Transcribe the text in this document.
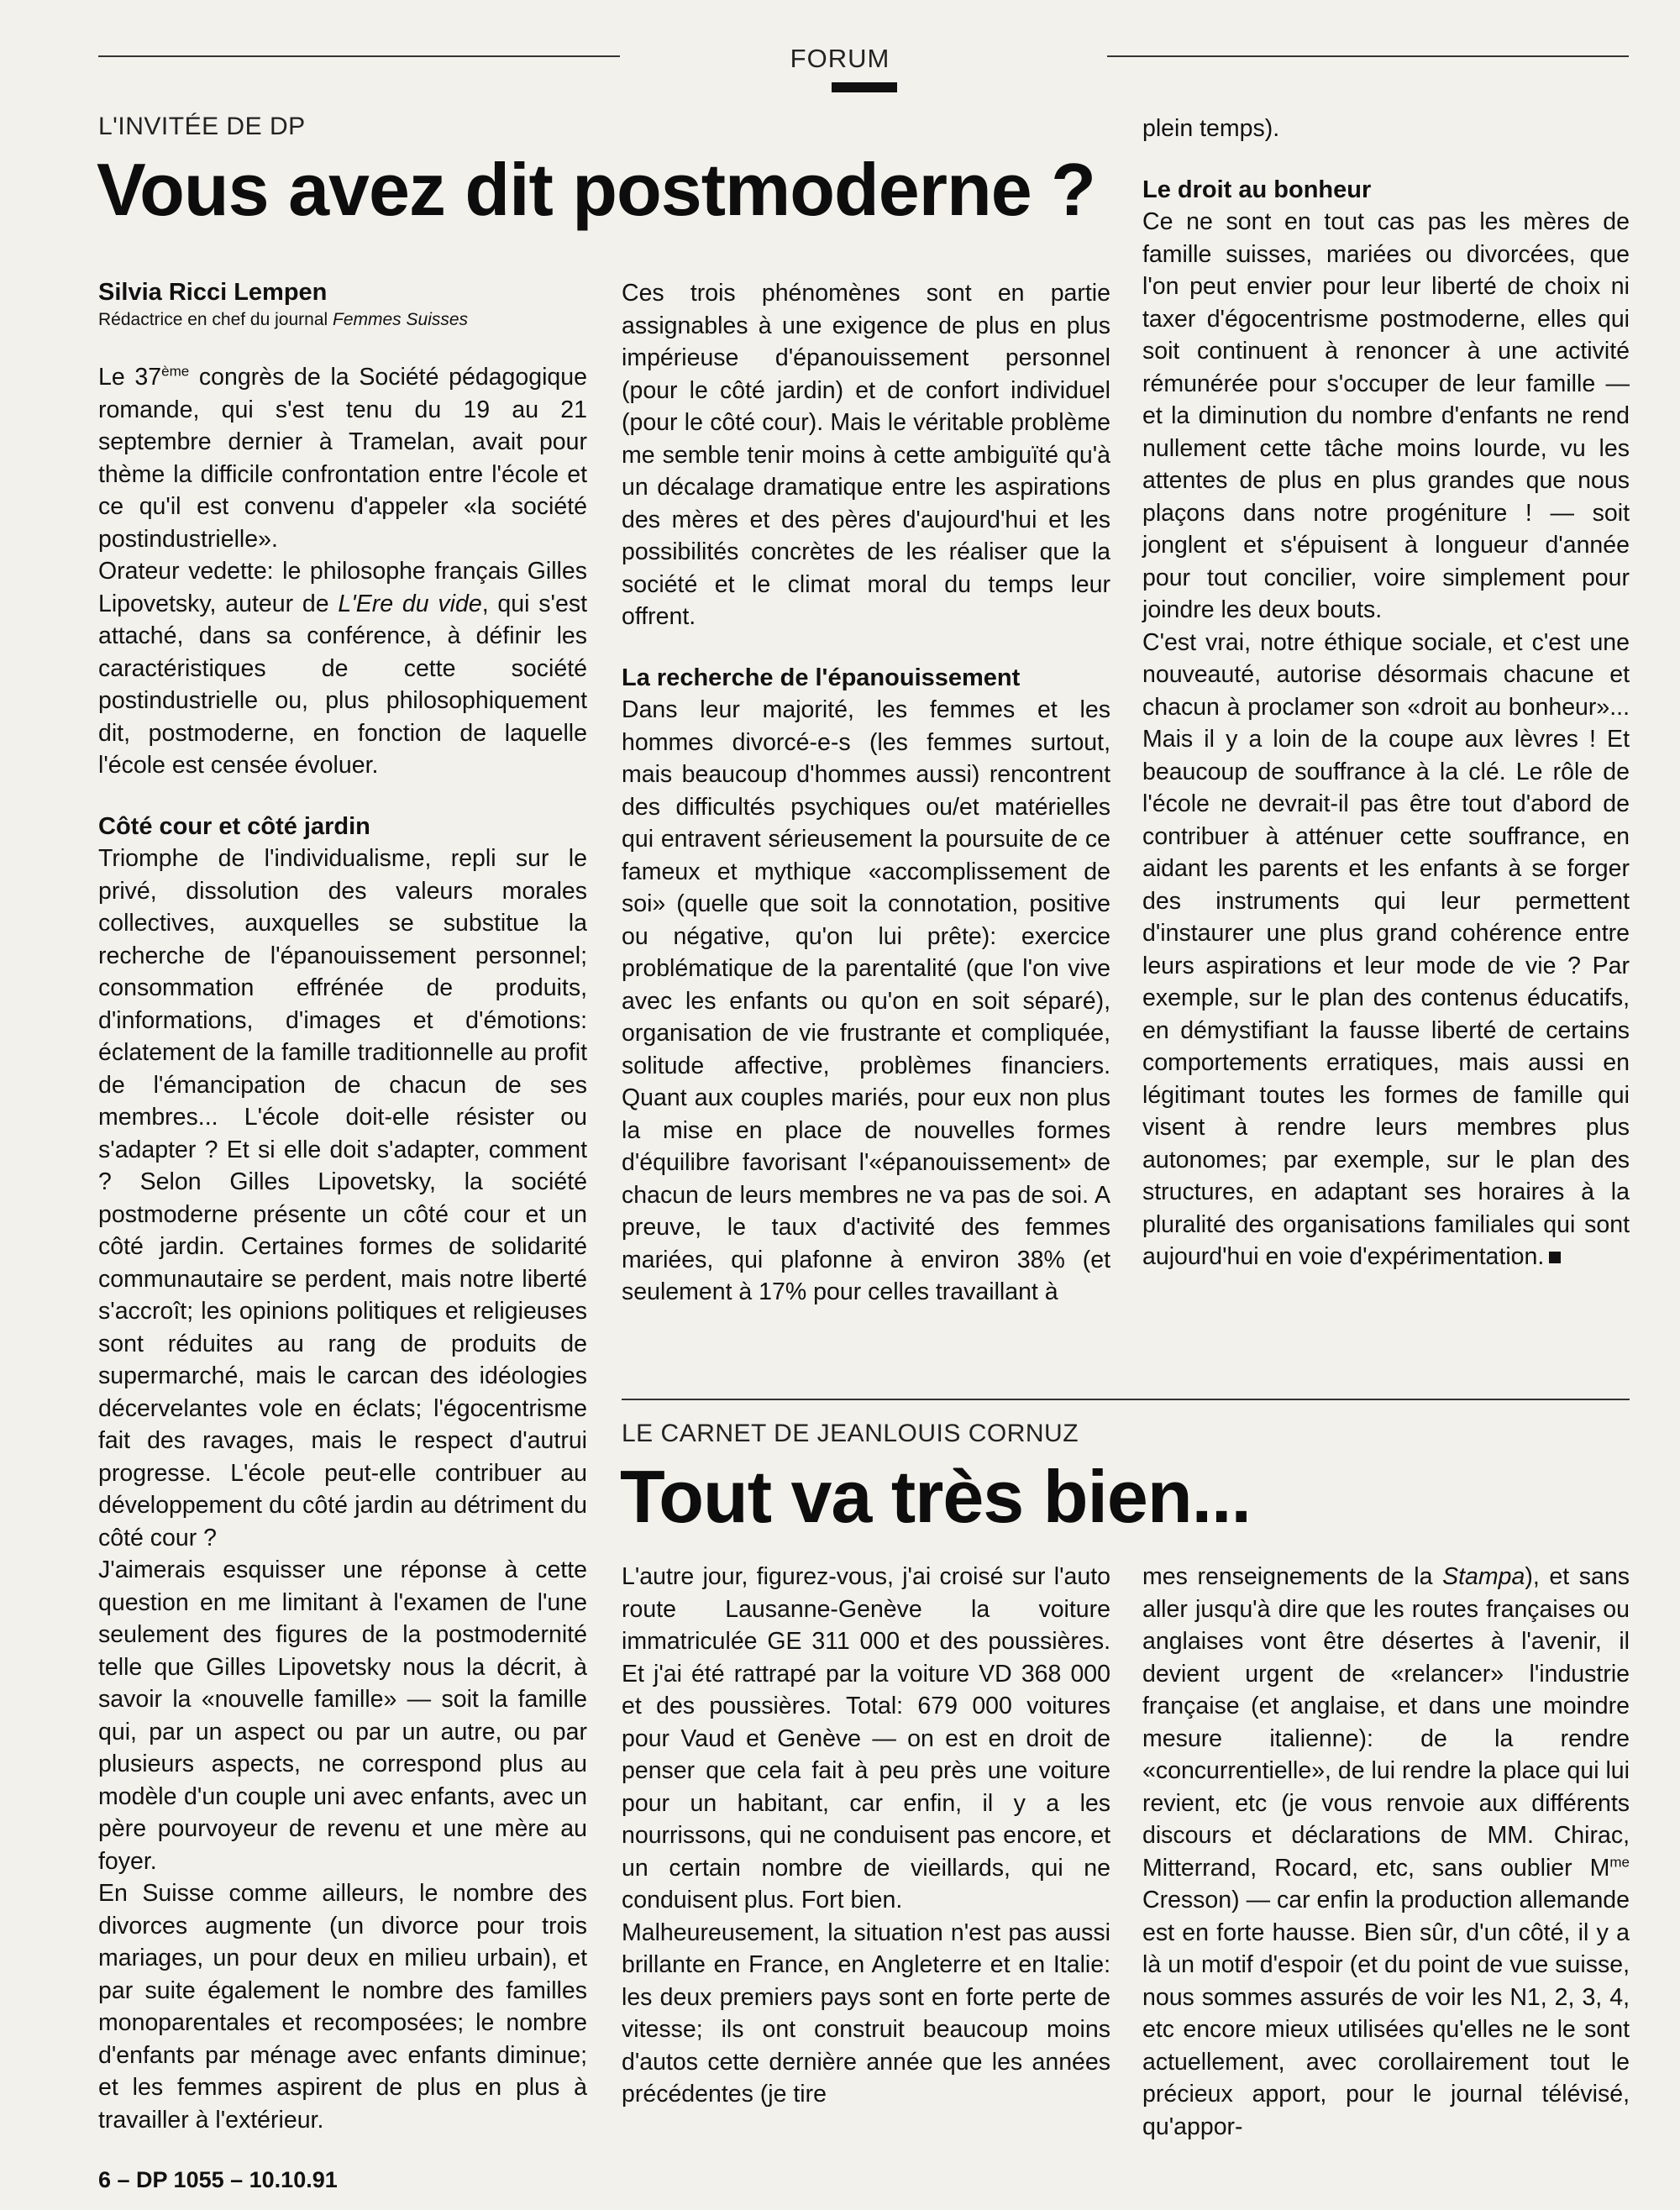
FORUM
L'INVITÉE DE DP
Vous avez dit postmoderne ?
Silvia Ricci Lempen
Rédactrice en chef du journal Femmes Suisses

Le 37ème congrès de la Société pédagogique romande, qui s'est tenu du 19 au 21 septembre dernier à Tramelan, avait pour thème la difficile confrontation entre l'école et ce qu'il est convenu d'appeler «la société postindustrielle».

Orateur vedette: le philosophe français Gilles Lipovetsky, auteur de L'Ere du vide, qui s'est attaché, dans sa conférence, à définir les caractéristiques de cette société postindustrielle ou, plus philosophiquement dit, postmoderne, en fonction de laquelle l'école est censée évoluer.

Côté cour et côté jardin

Triomphe de l'individualisme, repli sur le privé, dissolution des valeurs morales collectives, auxquelles se substitue la recherche de l'épanouissement personnel; consommation effrénée de produits, d'informations, d'images et d'émotions: éclatement de la famille traditionnelle au profit de l'émancipation de chacun de ses membres... L'école doit-elle résister ou s'adapter ? Et si elle doit s'adapter, comment ? Selon Gilles Lipovetsky, la société postmoderne présente un côté cour et un côté jardin. Certaines formes de solidarité communautaire se perdent, mais notre liberté s'accroît; les opinions politiques et religieuses sont réduites au rang de produits de supermarché, mais le carcan des idéologies décervelantes vole en éclats; l'égocentrisme fait des ravages, mais le respect d'autrui progresse. L'école peut-elle contribuer au développement du côté jardin au détriment du côté cour ?

J'aimerais esquisser une réponse à cette question en me limitant à l'examen de l'une seulement des figures de la postmodernité telle que Gilles Lipovetsky nous la décrit, à savoir la «nouvelle famille» — soit la famille qui, par un aspect ou par un autre, ou par plusieurs aspects, ne correspond plus au modèle d'un couple uni avec enfants, avec un père pourvoyeur de revenu et une mère au foyer.

En Suisse comme ailleurs, le nombre des divorces augmente (un divorce pour trois mariages, un pour deux en milieu urbain), et par suite également le nombre des familles monoparentales et recomposées; le nombre d'enfants par ménage avec enfants diminue; et les femmes aspirent de plus en plus à travailler à l'extérieur.

Ces trois phénomènes sont en partie assignables à une exigence de plus en plus impérieuse d'épanouissement personnel (pour le côté jardin) et de confort individuel (pour le côté cour). Mais le véritable problème me semble tenir moins à cette ambiguïté qu'à un décalage dramatique entre les aspirations des mères et des pères d'aujourd'hui et les possibilités concrètes de les réaliser que la société et le climat moral du temps leur offrent.

La recherche de l'épanouissement

Dans leur majorité, les femmes et les hommes divorcé-e-s (les femmes surtout, mais beaucoup d'hommes aussi) rencontrent des difficultés psychiques ou/et matérielles qui entravent sérieusement la poursuite de ce fameux et mythique «accomplissement de soi» (quelle que soit la connotation, positive ou négative, qu'on lui prête): exercice problématique de la parentalité (que l'on vive avec les enfants ou qu'on en soit séparé), organisation de vie frustrante et compliquée, solitude affective, problèmes financiers. Quant aux couples mariés, pour eux non plus la mise en place de nouvelles formes d'équilibre favorisant l'«épanouissement» de chacun de leurs membres ne va pas de soi. A preuve, le taux d'activité des femmes mariées, qui plafonne à environ 38% (et seulement à 17% pour celles travaillant à

plein temps).

Le droit au bonheur

Ce ne sont en tout cas pas les mères de famille suisses, mariées ou divorcées, que l'on peut envier pour leur liberté de choix ni taxer d'égocentrisme postmoderne, elles qui soit continuent à renoncer à une activité rémunérée pour s'occuper de leur famille — et la diminution du nombre d'enfants ne rend nullement cette tâche moins lourde, vu les attentes de plus en plus grandes que nous plaçons dans notre progéniture ! — soit jonglent et s'épuisent à longueur d'année pour tout concilier, voire simplement pour joindre les deux bouts.

C'est vrai, notre éthique sociale, et c'est une nouveauté, autorise désormais chacune et chacun à proclamer son «droit au bonheur»... Mais il y a loin de la coupe aux lèvres ! Et beaucoup de souffrance à la clé. Le rôle de l'école ne devrait-il pas être tout d'abord de contribuer à atténuer cette souffrance, en aidant les parents et les enfants à se forger des instruments qui leur permettent d'instaurer une plus grand cohérence entre leurs aspirations et leur mode de vie ? Par exemple, sur le plan des contenus éducatifs, en démystifiant la fausse liberté de certains comportements erratiques, mais aussi en légitimant toutes les formes de famille qui visent à rendre leurs membres plus autonomes; par exemple, sur le plan des structures, en adaptant ses horaires à la pluralité des organisations familiales qui sont aujourd'hui en voie d'expérimentation.

LE CARNET DE JEANLOUIS CORNUZ
Tout va très bien...

L'autre jour, figurez-vous, j'ai croisé sur l'auto route Lausanne-Genève la voiture immatriculée GE 311 000 et des poussières. Et j'ai été rattrapé par la voiture VD 368 000 et des poussières. Total: 679 000 voitures pour Vaud et Genève — on est en droit de penser que cela fait à peu près une voiture pour un habitant, car enfin, il y a les nourrissons, qui ne conduisent pas encore, et un certain nombre de vieillards, qui ne conduisent plus. Fort bien.

Malheureusement, la situation n'est pas aussi brillante en France, en Angleterre et en Italie: les deux premiers pays sont en forte perte de vitesse; ils ont construit beaucoup moins d'autos cette dernière année que les années précédentes (je tire

mes renseignements de la Stampa), et sans aller jusqu'à dire que les routes françaises ou anglaises vont être désertes à l'avenir, il devient urgent de «relancer» l'industrie française (et anglaise, et dans une moindre mesure italienne): de la rendre «concurrentielle», de lui rendre la place qui lui revient, etc (je vous renvoie aux différents discours et déclarations de MM. Chirac, Mitterrand, Rocard, etc, sans oublier $M^{me}$ Cresson) — car enfin la production allemande est en forte hausse. Bien sûr, d'un côté, il y a là un motif d'espoir (et du point de vue suisse, nous sommes assurés de voir les N1, 2, 3, 4, etc encore mieux utilisées qu'elles ne le sont actuellement, avec corollairement tout le précieux apport, pour le journal télévisé, qu'appor-

6 – DP 1055 – 10.10.91
